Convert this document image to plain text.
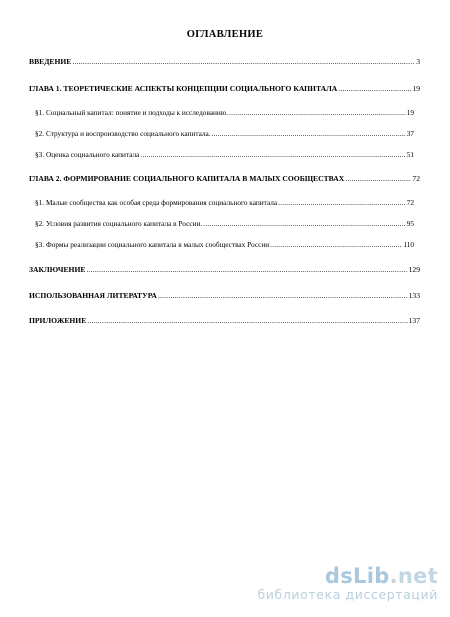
ОГЛАВЛЕНИЕ
ВВЕДЕНИЕ .....	3
ГЛАВА 1. ТЕОРЕТИЧЕСКИЕ АСПЕКТЫ КОНЦЕПЦИИ СОЦИАЛЬНОГО КАПИТАЛА .....	19
§1. Социальный капитал: понятие и подходы к исследованию. .....	19
§2. Структура и воспроизводство социального капитала. .....	37
§3. Оценка социального капитала .....	51
ГЛАВА 2. ФОРМИРОВАНИЕ СОЦИАЛЬНОГО КАПИТАЛА В МАЛЫХ СООБЩЕСТВАХ .....	72
§1. Малые сообщества как особая среда формирования социального капитала .....	72
§2. Условия развития социального капитала в России. .....	95
§3. Формы реализации социального капитала в малых сообществах России .....	110
ЗАКЛЮЧЕНИЕ .....	129
ИСПОЛЬЗОВАННАЯ ЛИТЕРАТУРА .....	133
ПРИЛОЖЕНИЕ .....	137
dsLib.net
библиотека диссертаций
